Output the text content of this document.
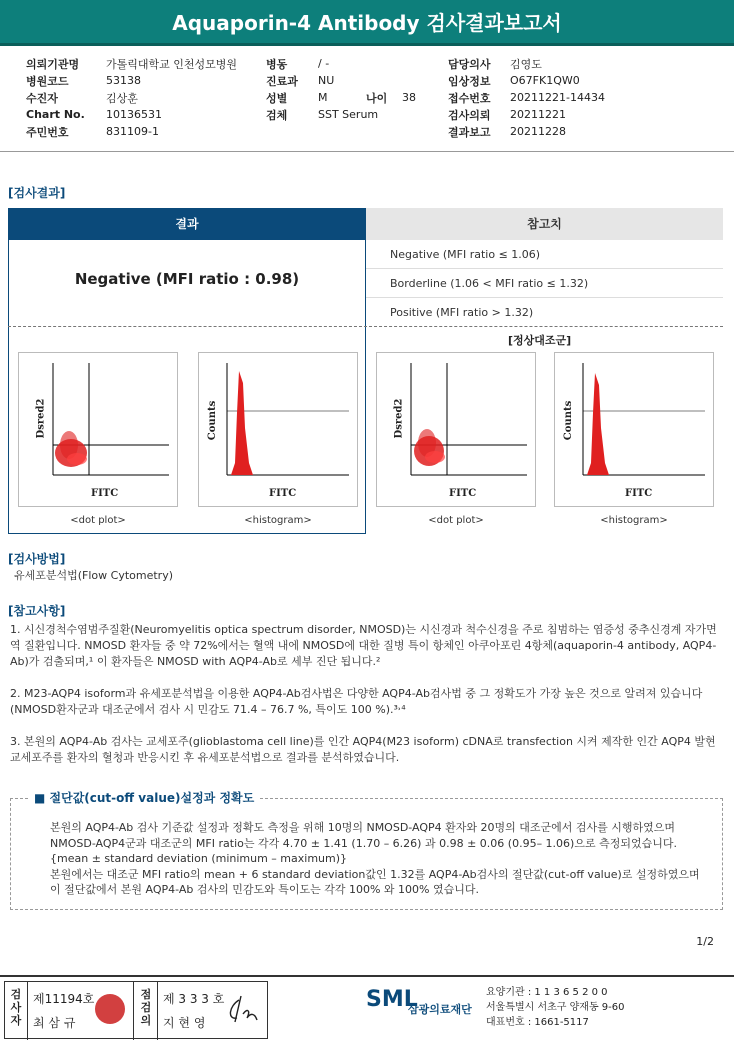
Aquaporin-4 Antibody 검사결과보고서
의뢰기관명	가톨릭대학교 인천성모병원	병동	/ -	담당의사	김영도
병원코드	53138	진료과	NU	임상정보	O67FK1QW0
수진자	김상훈	성별	M	나이	38	접수번호	20211221-14434
Chart No.	10136531	검체	SST Serum	검사의뢰	20211221
주민번호	831109-1	결과보고	20211228
[검사결과]
결과	참고치
Negative (MFI ratio : 0.98)
Negative (MFI ratio ≤ 1.06)
Borderline (1.06 < MFI ratio ≤ 1.32)
Positive (MFI ratio > 1.32)
[정상대조군]
Dsred2
FITC
<dot plot>
Counts
FITC
<histogram>
Dsred2
FITC
<dot plot>
Counts
FITC
<histogram>
[검사방법]
유세포분석법(Flow Cytometry)
[참고사항]
1. 시신경척수염범주질환(Neuromyelitis optica spectrum disorder, NMOSD)는 시신경과 척수신경을 주로 침범하는 염증성 중추신경계 자가면역 질환입니다. NMOSD 환자들 중 약 72%에서는 혈액 내에 NMOSD에 대한 질병 특이 항체인 아쿠아포린 4항체(aquaporin-4 antibody, AQP4-Ab)가 검출되며,¹ 이 환자들은 NMOSD with AQP4-Ab로 세부 진단 됩니다.²
2. M23-AQP4 isoform과 유세포분석법을 이용한 AQP4-Ab검사법은 다양한 AQP4-Ab검사법 중 그 정확도가 가장 높은 것으로 알려져 있습니다(NMOSD환자군과 대조군에서 검사 시 민감도 71.4 – 76.7 %, 특이도 100 %).³˒⁴
3. 본원의 AQP4-Ab 검사는 교세포주(glioblastoma cell line)를 인간 AQP4(M23 isoform) cDNA로 transfection 시켜 제작한 인간 AQP4 발현 교세포주를 환자의 혈청과 반응시킨 후 유세포분석법으로 결과를 분석하였습니다.
■ 절단값(cut-off value)설정과 정확도
본원의 AQP4-Ab 검사 기준값 설정과 정확도 측정을 위해 10명의 NMOSD-AQP4 환자와 20명의 대조군에서 검사를 시행하였으며 NMOSD-AQP4군과 대조군의 MFI ratio는 각각 4.70 ± 1.41 (1.70 – 6.26) 과 0.98 ± 0.06 (0.95– 1.06)으로 측정되었습니다. {mean ± standard deviation (minimum – maximum)}
본원에서는 대조군 MFI ratio의 mean + 6 standard deviation값인 1.32를 AQP4-Ab검사의 절단값(cut-off value)로 설정하였으며 이 절단값에서 본원 AQP4-Ab 검사의 민감도와 특이도는 각각 100% 와 100% 였습니다.
1/2
검사자
제11194호
최 삼 규
점검의
제 3 3 3 호
지 현 영
SML
삼광의료재단
요양기관 : 1 1 3 6 5 2 0 0
서울특별시 서초구 양재동 9-60
대표번호 : 1661-5117
